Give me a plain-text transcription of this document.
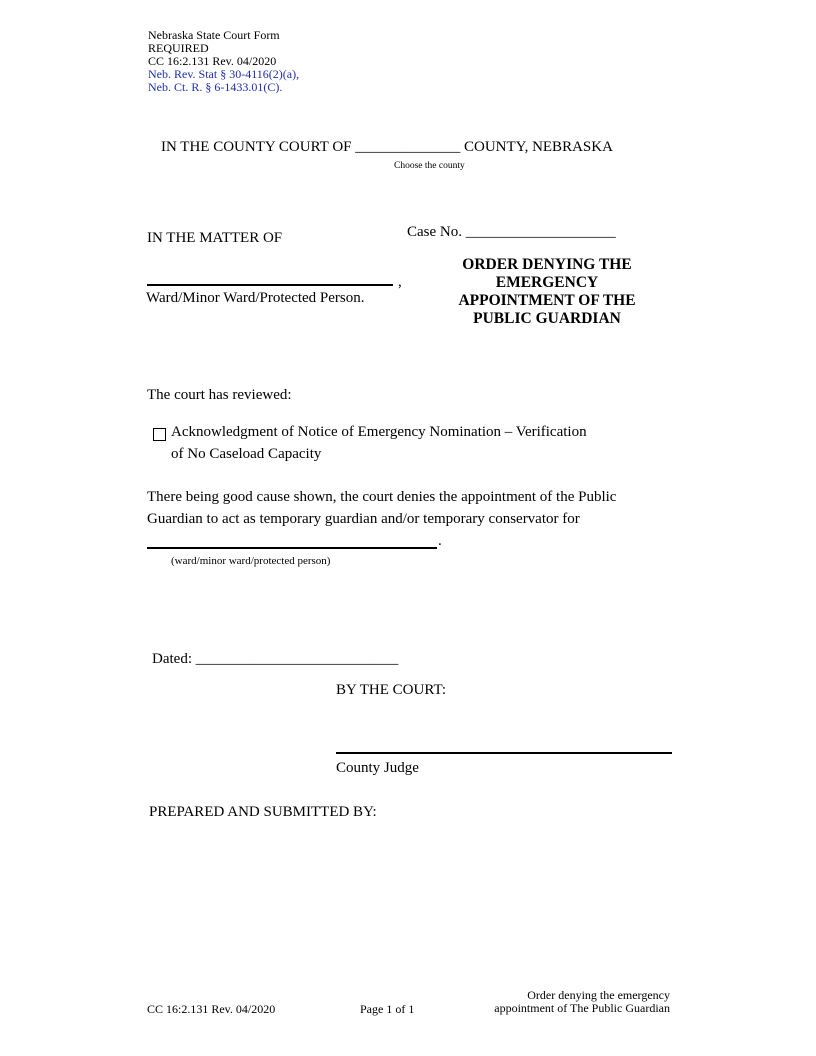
Nebraska State Court Form
REQUIRED
CC 16:2.131 Rev. 04/2020
Neb. Rev. Stat § 30-4116(2)(a),
Neb. Ct. R. § 6-1433.01(C).
IN THE COUNTY COURT OF ______________ COUNTY, NEBRASKA
Choose the county
IN THE MATTER OF	Case No. ____________________
,
Ward/Minor Ward/Protected Person.
ORDER DENYING THE
EMERGENCY
APPOINTMENT OF THE
PUBLIC GUARDIAN
The court has reviewed:
Acknowledgment of Notice of Emergency Nomination – Verification
of No Caseload Capacity
There being good cause shown, the court denies the appointment of the Public
Guardian to act as temporary guardian and/or temporary conservator for
.
(ward/minor ward/protected person)
Dated: ___________________________
BY THE COURT:
County Judge
PREPARED AND SUBMITTED BY:
CC 16:2.131 Rev. 04/2020	Page 1 of 1
Order denying the emergency
appointment of The Public Guardian
